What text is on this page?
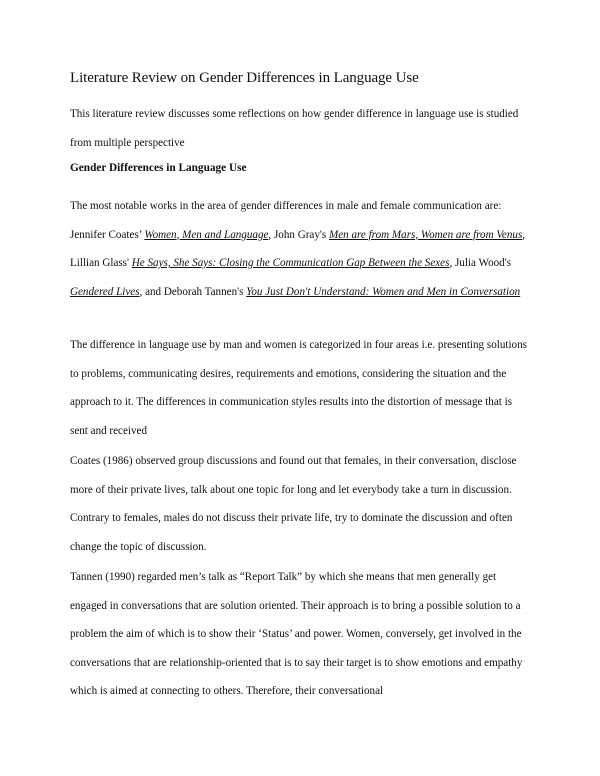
Literature Review on Gender Differences in Language Use
This literature review discusses some reflections on how gender difference in language use is studied from multiple perspective
Gender Differences in Language Use
The most notable works in the area of gender differences in male and female communication are: Jennifer Coates’ Women, Men and Language, John Gray's Men are from Mars, Women are from Venus, Lillian Glass' He Says, She Says: Closing the Communication Gap Between the Sexes, Julia Wood's Gendered Lives, and Deborah Tannen's You Just Don't Understand: Women and Men in Conversation
The difference in language use by man and women is categorized in four areas i.e. presenting solutions to problems, communicating desires, requirements and emotions, considering the situation and the approach to it. The differences in communication styles results into the distortion of message that is sent and received
Coates (1986) observed group discussions and found out that females, in their conversation, disclose more of their private lives, talk about one topic for long and let everybody take a turn in discussion. Contrary to females, males do not discuss their private life, try to dominate the discussion and often change the topic of discussion.
Tannen (1990) regarded men’s talk as “Report Talk” by which she means that men generally get engaged in conversations that are solution oriented. Their approach is to bring a possible solution to a problem the aim of which is to show their ‘Status’ and power. Women, conversely, get involved in the conversations that are relationship-oriented that is to say their target is to show emotions and empathy which is aimed at connecting to others. Therefore, their conversational
